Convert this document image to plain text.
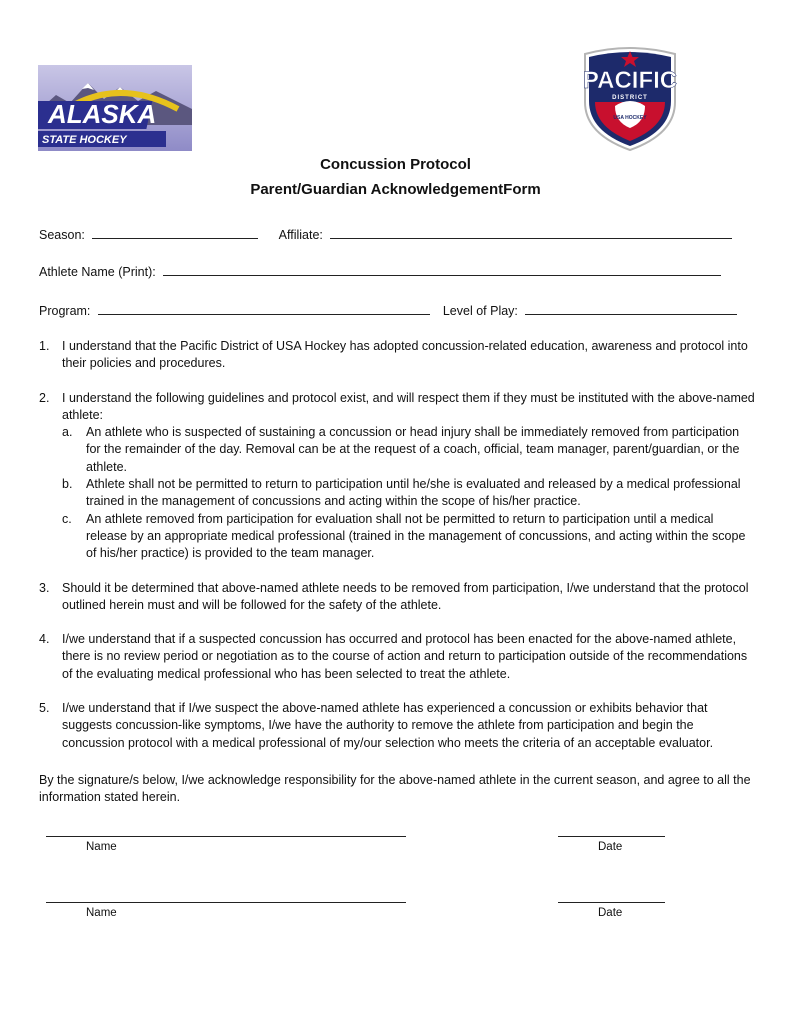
ALASKA
STATE HOCKEY
PACIFIC
DISTRICT
USA HOCKEY
Concussion Protocol
Parent/Guardian AcknowledgementForm
Season:	Affiliate:
Athlete Name (Print):
Program:	Level of Play:
1. I understand that the Pacific District of USA Hockey has adopted concussion-related education, awareness and protocol into their policies and procedures.
2. I understand the following guidelines and protocol exist, and will respect them if they must be instituted with the above-named athlete:
a. An athlete who is suspected of sustaining a concussion or head injury shall be immediately removed from participation for the remainder of the day. Removal can be at the request of a coach, official, team manager, parent/guardian, or the athlete.
b. Athlete shall not be permitted to return to participation until he/she is evaluated and released by a medical professional trained in the management of concussions and acting within the scope of his/her practice.
c. An athlete removed from participation for evaluation shall not be permitted to return to participation until a medical release by an appropriate medical professional (trained in the management of concussions, and acting within the scope of his/her practice) is provided to the team manager.
3. Should it be determined that above-named athlete needs to be removed from participation, I/we understand that the protocol outlined herein must and will be followed for the safety of the athlete.
4. I/we understand that if a suspected concussion has occurred and protocol has been enacted for the above-named athlete, there is no review period or negotiation as to the course of action and return to participation outside of the recommendations of the evaluating medical professional who has been selected to treat the athlete.
5. I/we understand that if I/we suspect the above-named athlete has experienced a concussion or exhibits behavior that suggests concussion-like symptoms, I/we have the authority to remove the athlete from participation and begin the concussion protocol with a medical professional of my/our selection who meets the criteria of an acceptable evaluator.
By the signature/s below, I/we acknowledge responsibility for the above-named athlete in the current season, and agree to all the information stated herein.
Name	Date
Name	Date
